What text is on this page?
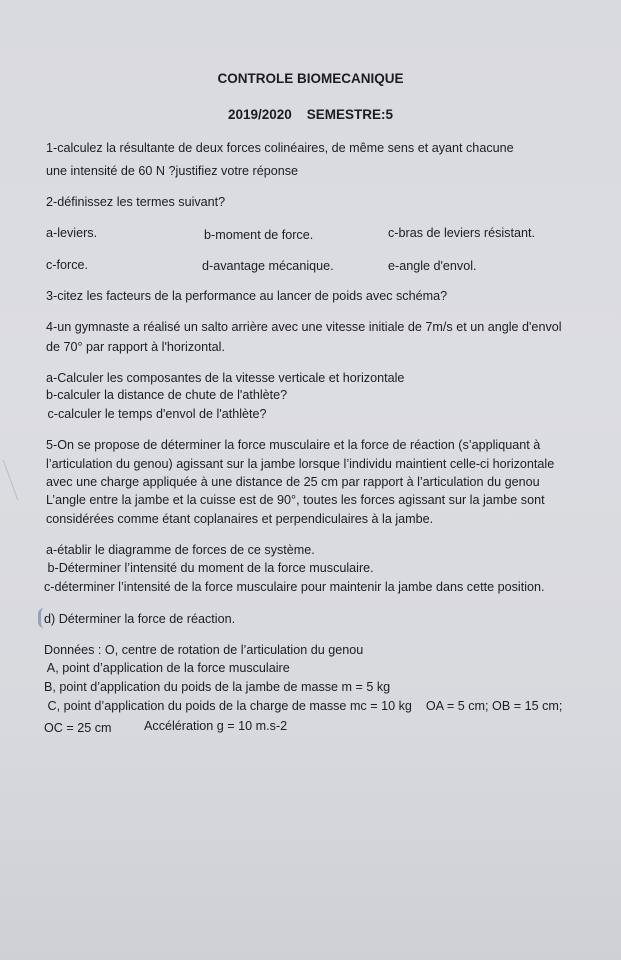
CONTROLE BIOMECANIQUE
2019/2020    SEMESTRE:5
1-calculez la résultante de deux forces colinéaires, de même sens et ayant chacune
une intensité de 60 N ?justifiez votre réponse
2-définissez les termes suivant?
a-leviers.	b-moment de force.	c-bras de leviers résistant.
c-force.	d-avantage mécanique.	e-angle d'envol.
3-citez les facteurs de la performance au lancer de poids avec schéma?
4-un gymnaste a réalisé un salto arrière avec une vitesse initiale de 7m/s et un angle d'envol
de 70° par rapport à l'horizontal.
a-Calculer les composantes de la vitesse verticale et horizontale
b-calculer la distance de chute de l'athlète?
c-calculer le temps d'envol de l'athlète?
5-On se propose de déterminer la force musculaire et la force de réaction (s’appliquant à
l’articulation du genou) agissant sur la jambe lorsque l’individu maintient celle-ci horizontale
avec une charge appliquée à une distance de 25 cm par rapport à l’articulation du genou
L’angle entre la jambe et la cuisse est de 90°, toutes les forces agissant sur la jambe sont
considérées comme étant coplanaires et perpendiculaires à la jambe.
a-établir le diagramme de forces de ce système.
b-Déterminer l’intensité du moment de la force musculaire.
c-déterminer l’intensité de la force musculaire pour maintenir la jambe dans cette position.
d) Déterminer la force de réaction.
Données : O, centre de rotation de l’articulation du genou
A, point d’application de la force musculaire
B, point d’application du poids de la jambe de masse m = 5 kg
C, point d’application du poids de la charge de masse mc = 10 kg    OA = 5 cm; OB = 15 cm;
OC = 25 cm	Accélération g = 10 m.s-2
